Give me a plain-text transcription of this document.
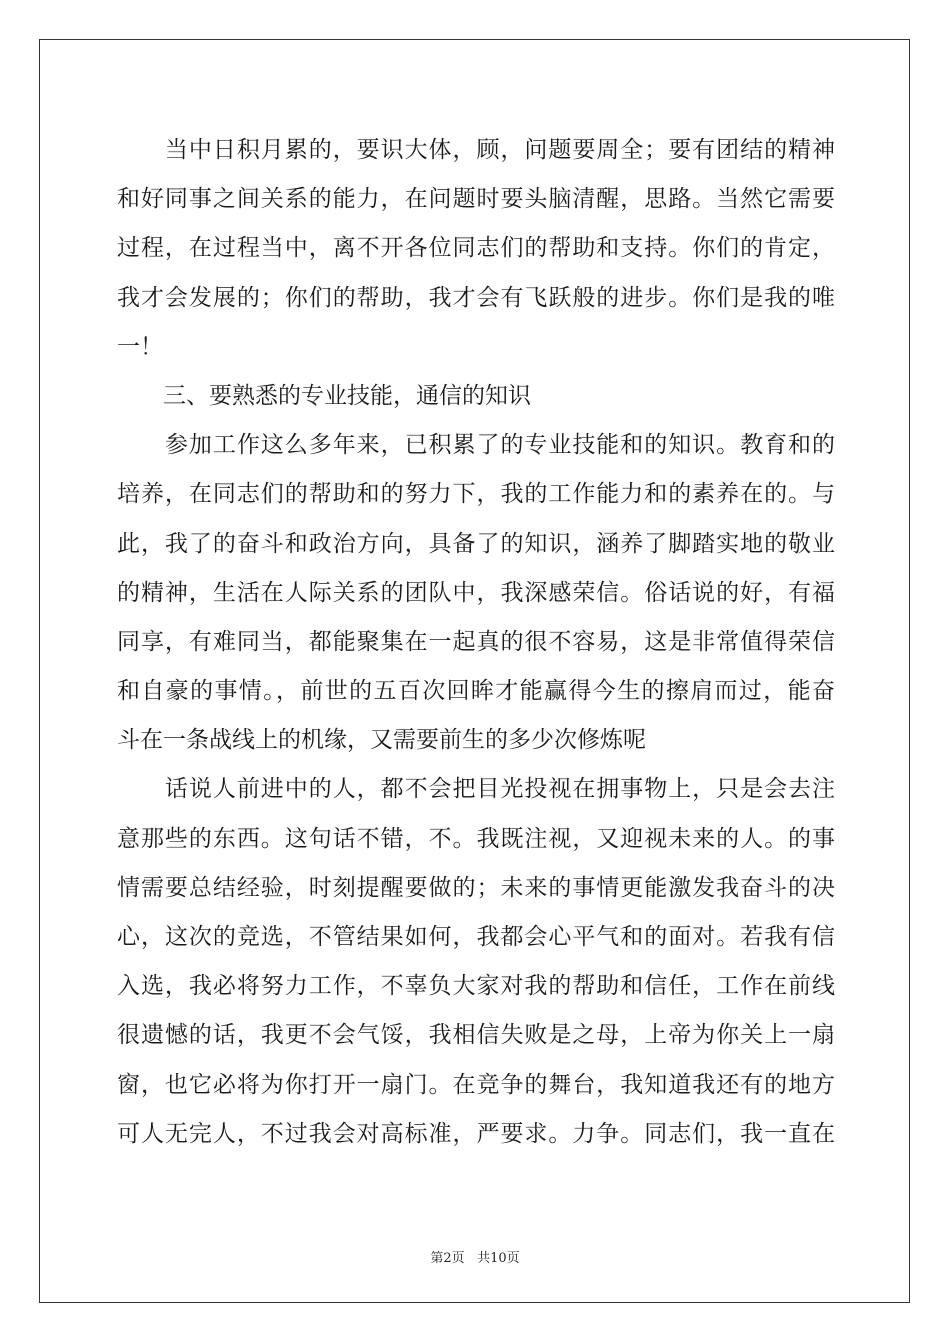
　　当中日积月累的，要识大体，顾，问题要周全；要有团结的精神
和好同事之间关系的能力，在问题时要头脑清醒，思路。当然它需要
过程，在过程当中，离不开各位同志们的帮助和支持。你们的肯定，
我才会发展的；你们的帮助，我才会有飞跃般的进步。你们是我的唯
一！
　　三、要熟悉的专业技能，通信的知识
　　参加工作这么多年来，已积累了的专业技能和的知识。教育和的
培养，在同志们的帮助和的努力下，我的工作能力和的素养在的。与
此，我了的奋斗和政治方向，具备了的知识，涵养了脚踏实地的敬业
的精神，生活在人际关系的团队中，我深感荣信。俗话说的好，有福
同享，有难同当，都能聚集在一起真的很不容易，这是非常值得荣信
和自豪的事情。，前世的五百次回眸才能赢得今生的擦肩而过，能奋
斗在一条战线上的机缘，又需要前生的多少次修炼呢
　　话说人前进中的人，都不会把目光投视在拥事物上，只是会去注
意那些的东西。这句话不错，不。我既注视，又迎视未来的人。的事
情需要总结经验，时刻提醒要做的；未来的事情更能激发我奋斗的决
心，这次的竞选，不管结果如何，我都会心平气和的面对。若我有信
入选，我必将努力工作，不辜负大家对我的帮助和信任，工作在前线
很遗憾的话，我更不会气馁，我相信失败是之母，上帝为你关上一扇
窗，也它必将为你打开一扇门。在竞争的舞台，我知道我还有的地方
可人无完人，不过我会对高标准，严要求。力争。同志们，我一直在
第2页 共10页
